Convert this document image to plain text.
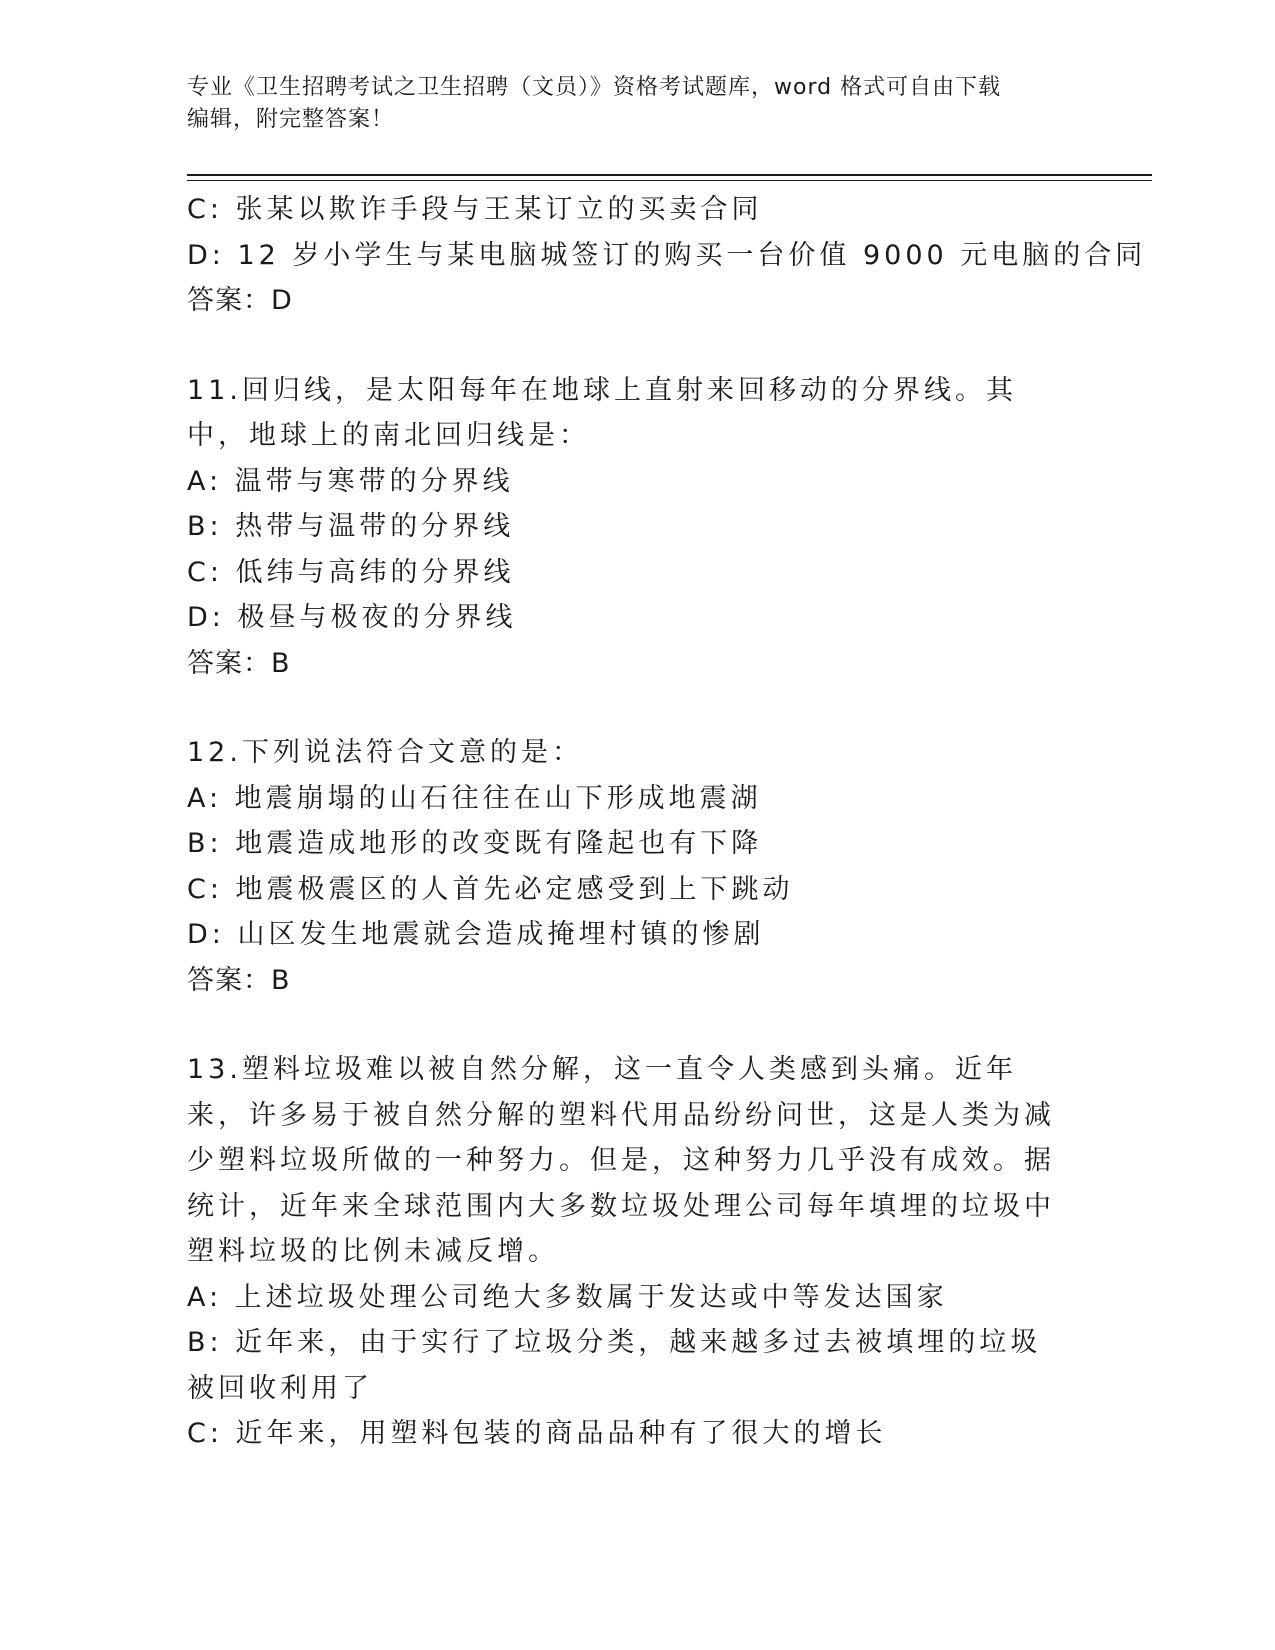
专业《卫生招聘考试之卫生招聘（文员）》资格考试题库，word 格式可自由下载
编辑，附完整答案！
C: 张某以欺诈手段与王某订立的买卖合同
D: 12 岁小学生与某电脑城签订的购买一台价值 9000 元电脑的合同
答案：D
11.回归线，是太阳每年在地球上直射来回移动的分界线。其中，地球上的南北回归线是：
A: 温带与寒带的分界线
B: 热带与温带的分界线
C: 低纬与高纬的分界线
D: 极昼与极夜的分界线
答案：B
12.下列说法符合文意的是：
A: 地震崩塌的山石往往在山下形成地震湖
B: 地震造成地形的改变既有隆起也有下降
C: 地震极震区的人首先必定感受到上下跳动
D: 山区发生地震就会造成掩埋村镇的惨剧
答案：B
13.塑料垃圾难以被自然分解，这一直令人类感到头痛。近年来，许多易于被自然分解的塑料代用品纷纷问世，这是人类为减少塑料垃圾所做的一种努力。但是，这种努力几乎没有成效。据统计，近年来全球范围内大多数垃圾处理公司每年填埋的垃圾中塑料垃圾的比例未减反增。
A: 上述垃圾处理公司绝大多数属于发达或中等发达国家
B: 近年来，由于实行了垃圾分类，越来越多过去被填埋的垃圾被回收利用了
C: 近年来，用塑料包装的商品品种有了很大的增长
